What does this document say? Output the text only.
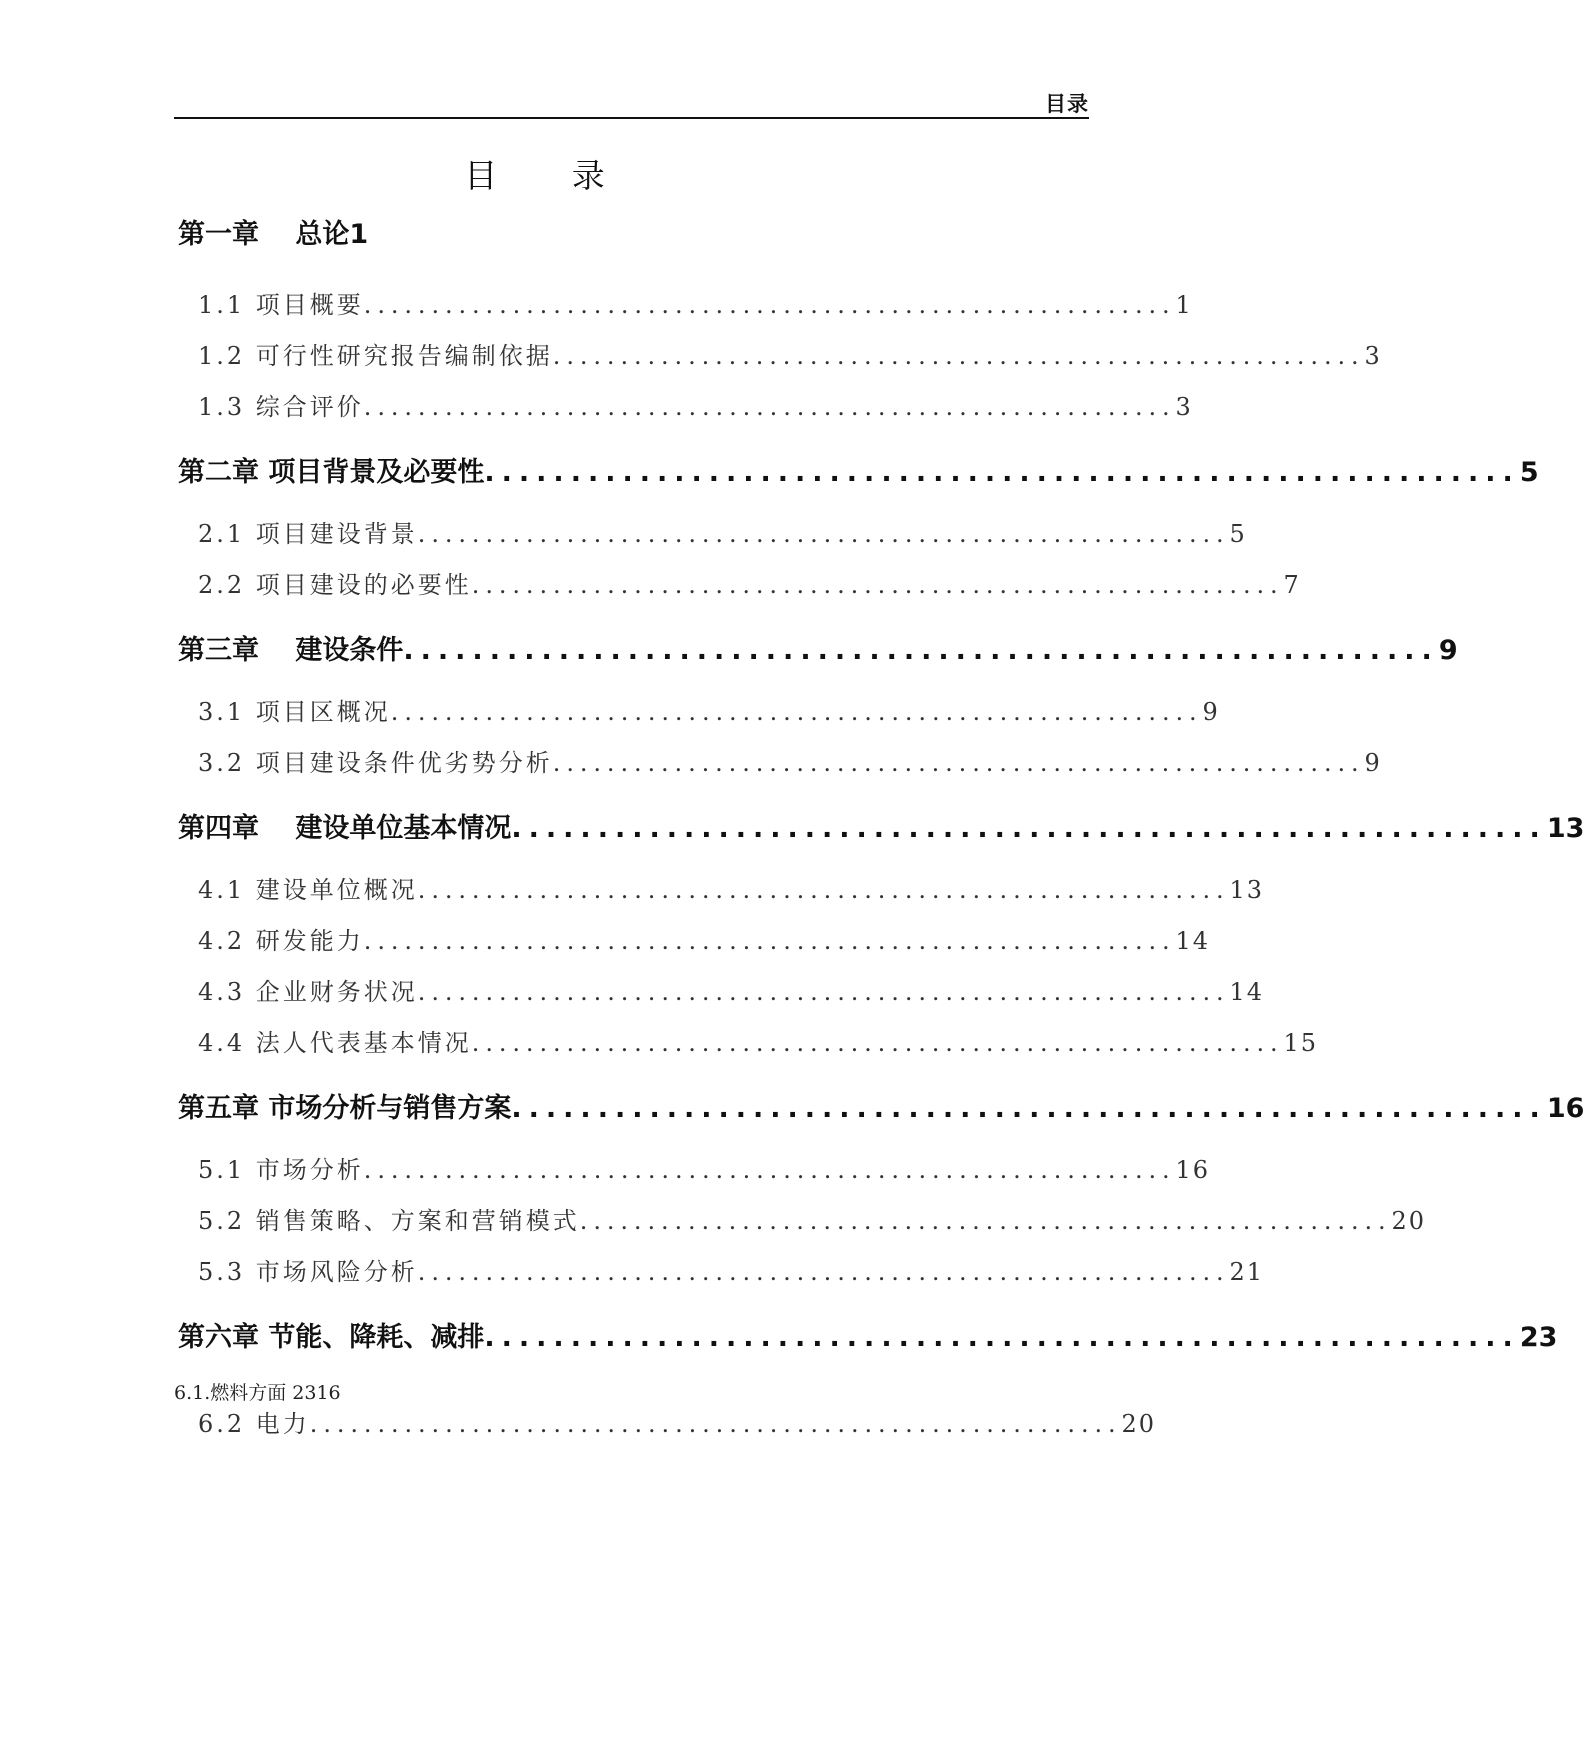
目录
目 录
第一章　 总论1
1.1 项目概要 ............................................................ 1
1.2 可行性研究报告编制依据 ............................................................ 3
1.3 综合评价 ............................................................ 3
第二章 项目背景及必要性 ............................................................ 5
2.1 项目建设背景 ............................................................ 5
2.2 项目建设的必要性 ............................................................ 7
第三章　 建设条件 ............................................................ 9
3.1 项目区概况 ............................................................ 9
3.2 项目建设条件优劣势分析 ............................................................ 9
第四章　 建设单位基本情况 ............................................................ 13
4.1 建设单位概况 ............................................................ 13
4.2 研发能力 ............................................................ 14
4.3 企业财务状况 ............................................................ 14
4.4 法人代表基本情况 ............................................................ 15
第五章 市场分析与销售方案 ............................................................ 16
5.1 市场分析 ............................................................ 16
5.2 销售策略、方案和营销模式 ............................................................ 20
5.3 市场风险分析 ............................................................ 21
第六章 节能、降耗、减排 ............................................................ 23
6.1.燃料方面 2316
6.2 电力 ............................................................ 20
